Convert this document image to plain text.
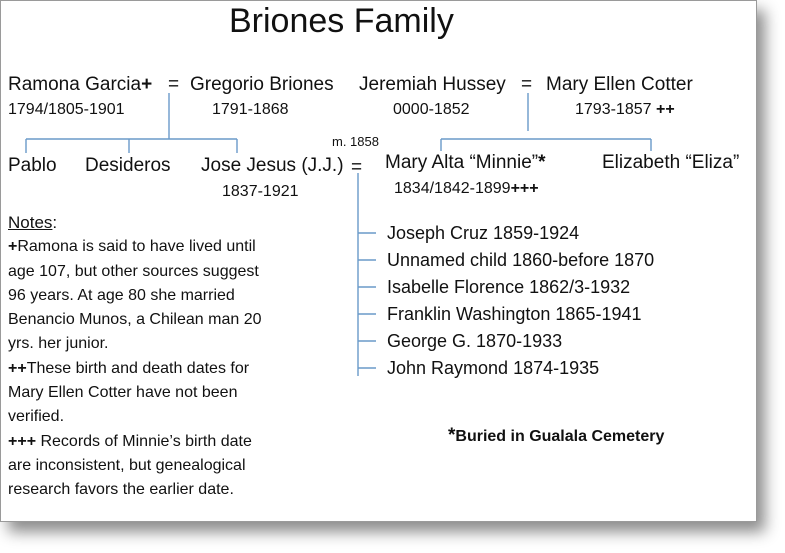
Briones Family
Ramona Garcia+
1794/1805-1901
= Gregorio Briones
1791-1868
Jeremiah Hussey
0000-1852
= Mary Ellen Cotter
1793-1857 ++
Pablo Desideros Jose Jesus (J.J.)
1837-1921
m. 1858
= Mary Alta “Minnie”*
1834/1842-1899+++
Elizabeth “Eliza”
Joseph Cruz 1859-1924
Unnamed child 1860-before 1870
Isabelle Florence 1862/3-1932
Franklin Washington 1865-1941
George G. 1870-1933
John Raymond 1874-1935
Notes:
+Ramona is said to have lived until age 107, but other sources suggest 96 years. At age 80 she married Benancio Munos, a Chilean man 20 yrs. her junior.
++These birth and death dates for Mary Ellen Cotter have not been verified.
+++ Records of Minnie’s birth date are inconsistent, but genealogical research favors the earlier date.
*Buried in Gualala Cemetery
